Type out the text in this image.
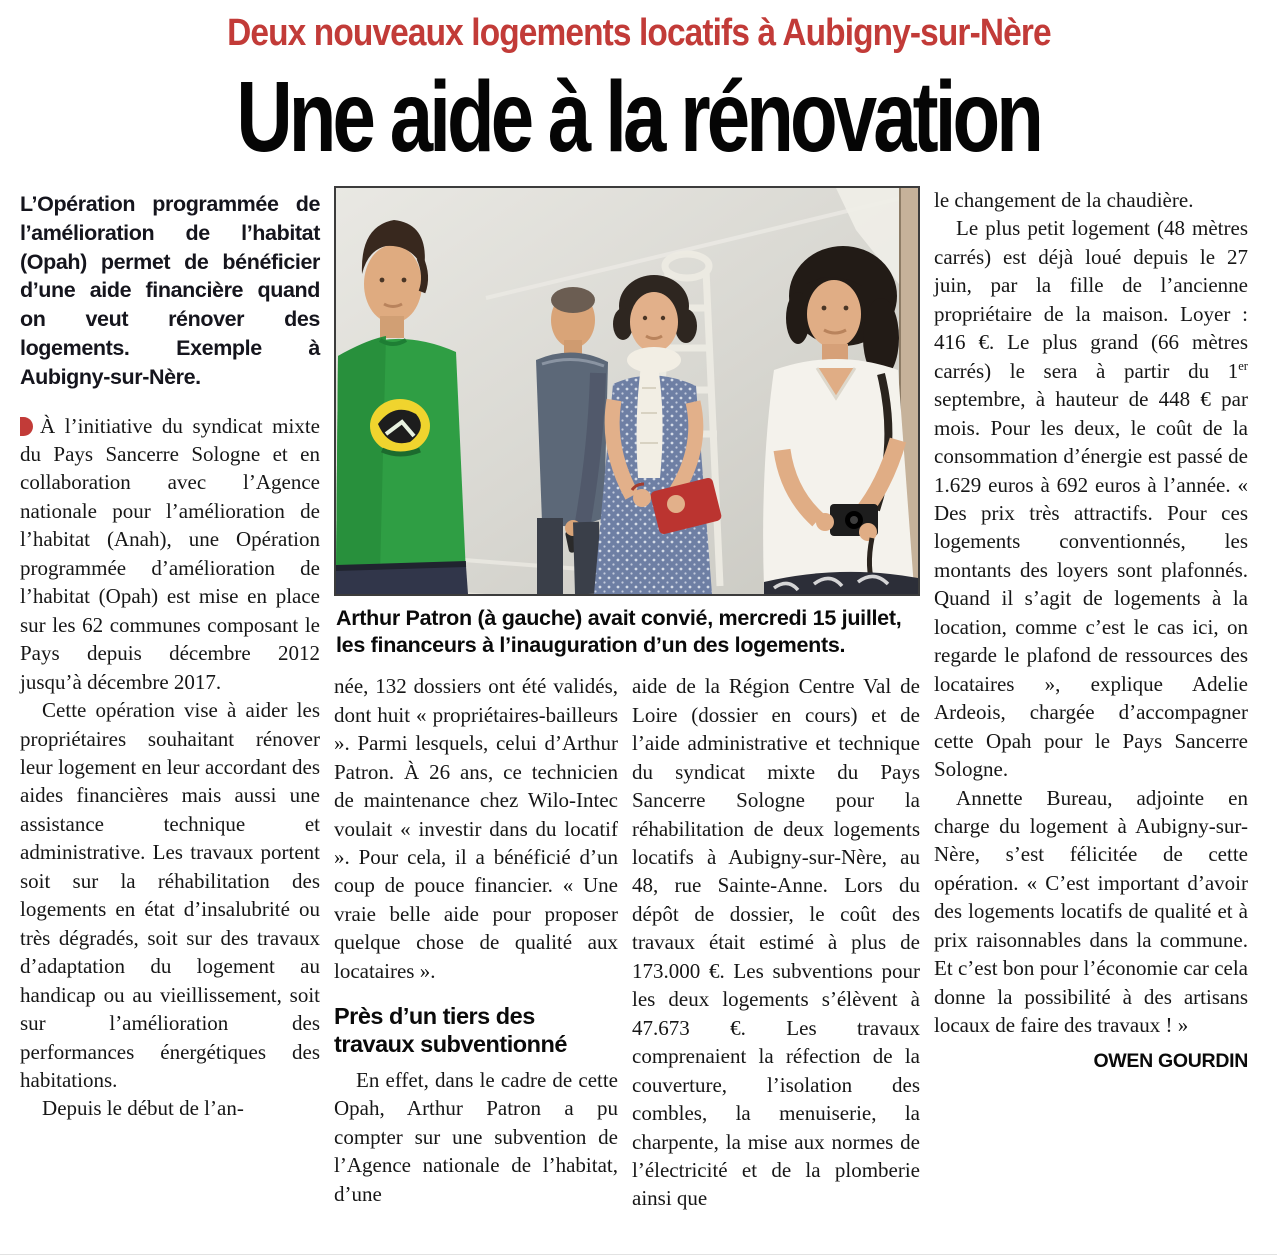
Deux nouveaux logements locatifs à Aubigny-sur-Nère
Une aide à la rénovation
L’Opération programmée de l’amélioration de l’habitat (Opah) permet de bénéficier d’une aide financière quand on veut rénover des logements. Exemple à Aubigny-sur-Nère.

À l’initiative du syndicat mixte du Pays Sancerre Sologne et en collaboration avec l’Agence nationale pour l’amélioration de l’habitat (Anah), une Opération programmée d’amélioration de l’habitat (Opah) est mise en place sur les 62 communes composant le Pays depuis décembre 2012 jusqu’à décembre 2017.

Cette opération vise à aider les propriétaires souhaitant rénover leur logement en leur accordant des aides financières mais aussi une assistance technique et administrative. Les travaux portent soit sur la réhabilitation des logements en état d’insalubrité ou très dégradés, soit sur des travaux d’adaptation du logement au handicap ou au vieillissement, soit sur l’amélioration des performances énergétiques des habitations.

Depuis le début de l’an-

Arthur Patron (à gauche) avait convié, mercredi 15 juillet, les financeurs à l’inauguration d’un des logements.

née, 132 dossiers ont été validés, dont huit « propriétaires-bailleurs ». Parmi lesquels, celui d’Arthur Patron. À 26 ans, ce technicien de maintenance chez Wilo-Intec voulait « investir dans du locatif ». Pour cela, il a bénéficié d’un coup de pouce financier. « Une vraie belle aide pour proposer quelque chose de qualité aux locataires ».

Près d’un tiers des travaux subventionné

En effet, dans le cadre de cette Opah, Arthur Patron a pu compter sur une subvention de l’Agence nationale de l’habitat, d’une

aide de la Région Centre Val de Loire (dossier en cours) et de l’aide administrative et technique du syndicat mixte du Pays Sancerre Sologne pour la réhabilitation de deux logements locatifs à Aubigny-sur-Nère, au 48, rue Sainte-Anne. Lors du dépôt de dossier, le coût des travaux était estimé à plus de 173.000 €. Les subventions pour les deux logements s’élèvent à 47.673 €. Les travaux comprenaient la réfection de la couverture, l’isolation des combles, la menuiserie, la charpente, la mise aux normes de l’électricité et de la plomberie ainsi que

le changement de la chaudière.

Le plus petit logement (48 mètres carrés) est déjà loué depuis le 27 juin, par la fille de l’ancienne propriétaire de la maison. Loyer : 416 €. Le plus grand (66 mètres carrés) le sera à partir du 1er septembre, à hauteur de 448 € par mois. Pour les deux, le coût de la consommation d’énergie est passé de 1.629 euros à 692 euros à l’année. « Des prix très attractifs. Pour ces logements conventionnés, les montants des loyers sont plafonnés. Quand il s’agit de logements à la location, comme c’est le cas ici, on regarde le plafond de ressources des locataires », explique Adelie Ardeois, chargée d’accompagner cette Opah pour le Pays Sancerre Sologne.

Annette Bureau, adjointe en charge du logement à Aubigny-sur-Nère, s’est félicitée de cette opération. « C’est important d’avoir des logements locatifs de qualité et à prix raisonnables dans la commune. Et c’est bon pour l’économie car cela donne la possibilité à des artisans locaux de faire des travaux ! »

OWEN GOURDIN
